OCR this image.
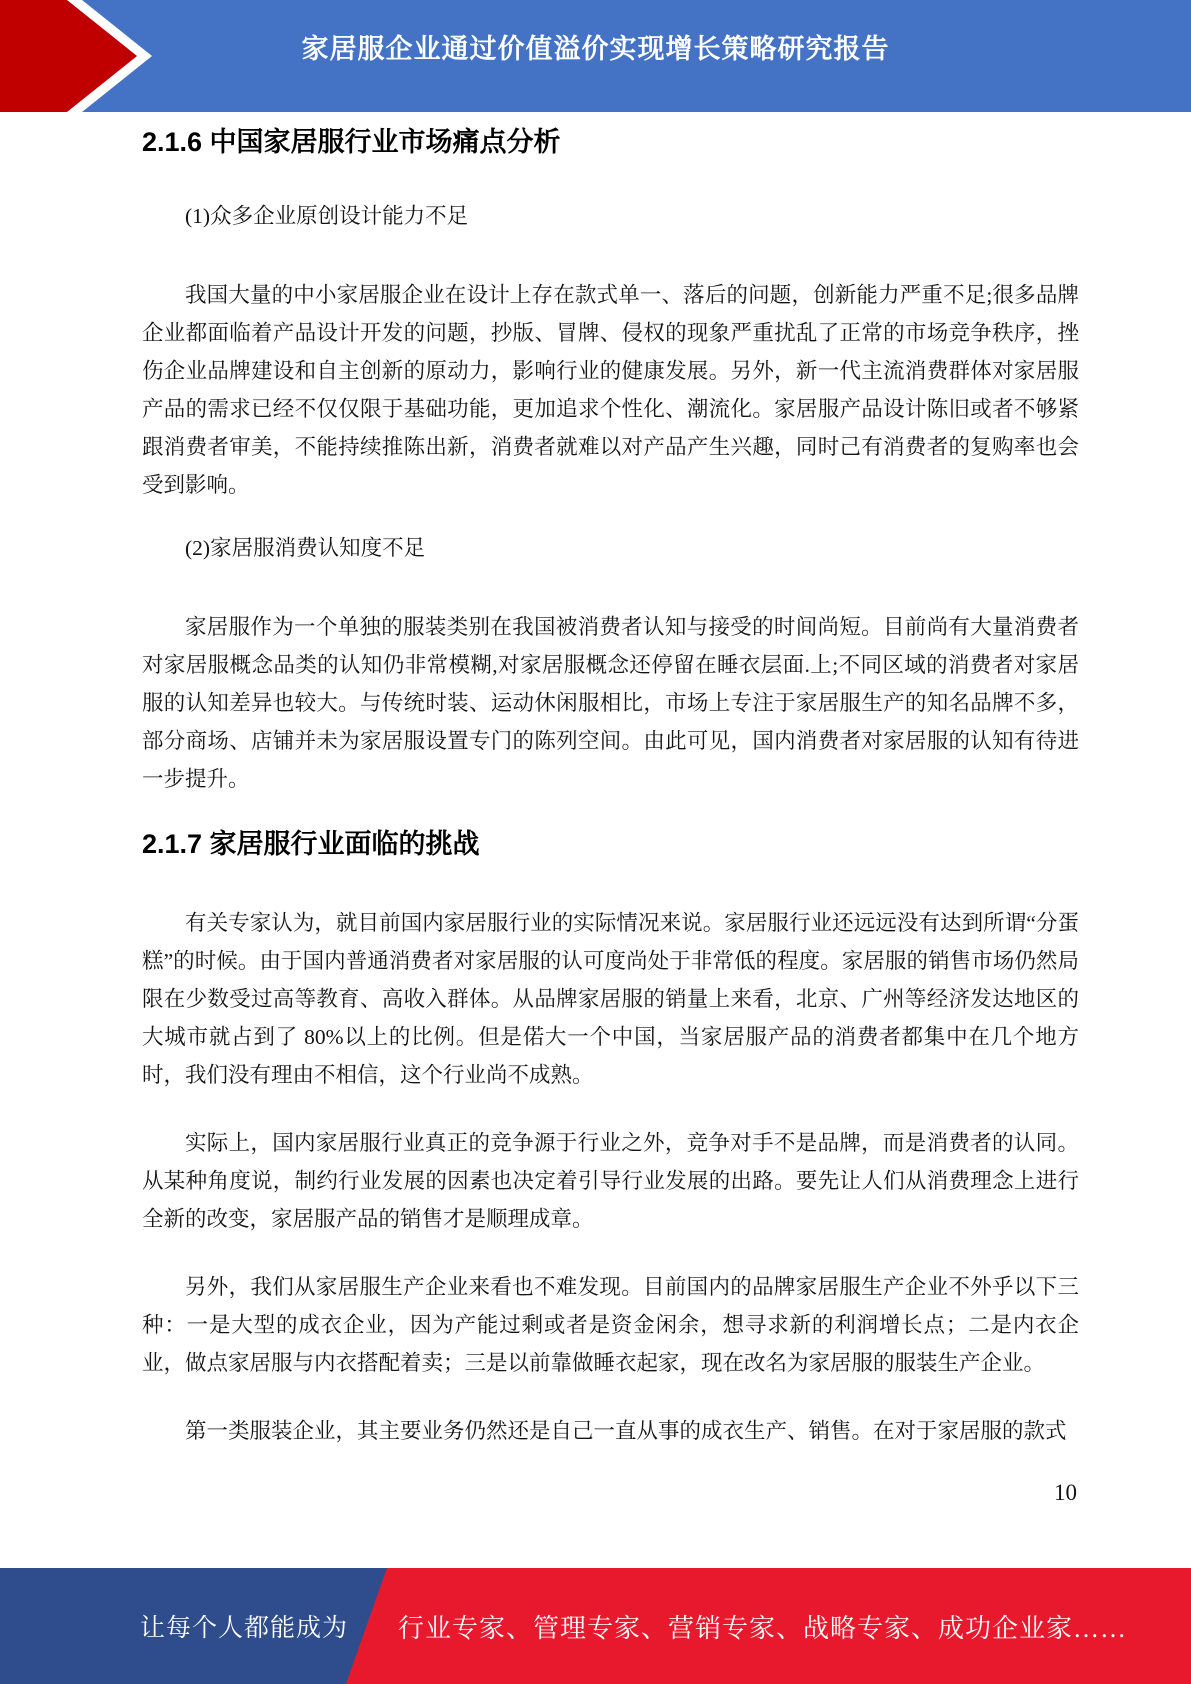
家居服企业通过价值溢价实现增长策略研究报告
2.1.6 中国家居服行业市场痛点分析

(1)众多企业原创设计能力不足

我国大量的中小家居服企业在设计上存在款式单一、落后的问题，创新能力严重不足;很多品牌企业都面临着产品设计开发的问题，抄版、冒牌、侵权的现象严重扰乱了正常的市场竞争秩序，挫伤企业品牌建设和自主创新的原动力，影响行业的健康发展。另外，新一代主流消费群体对家居服产品的需求已经不仅仅限于基础功能，更加追求个性化、潮流化。家居服产品设计陈旧或者不够紧跟消费者审美，不能持续推陈出新，消费者就难以对产品产生兴趣，同时己有消费者的复购率也会受到影响。

(2)家居服消费认知度不足

家居服作为一个单独的服装类别在我国被消费者认知与接受的时间尚短。目前尚有大量消费者对家居服概念品类的认知仍非常模糊,对家居服概念还停留在睡衣层面.上;不同区域的消费者对家居服的认知差异也较大。与传统时装、运动休闲服相比，市场上专注于家居服生产的知名品牌不多，部分商场、店铺并未为家居服设置专门的陈列空间。由此可见，国内消费者对家居服的认知有待进一步提升。

2.1.7 家居服行业面临的挑战

有关专家认为，就目前国内家居服行业的实际情况来说。家居服行业还远远没有达到所谓“分蛋糕”的时候。由于国内普通消费者对家居服的认可度尚处于非常低的程度。家居服的销售市场仍然局限在少数受过高等教育、高收入群体。从品牌家居服的销量上来看，北京、广州等经济发达地区的大城市就占到了 80%以上的比例。但是偌大一个中国，当家居服产品的消费者都集中在几个地方时，我们没有理由不相信，这个行业尚不成熟。

实际上，国内家居服行业真正的竞争源于行业之外，竞争对手不是品牌，而是消费者的认同。从某种角度说，制约行业发展的因素也决定着引导行业发展的出路。要先让人们从消费理念上进行全新的改变，家居服产品的销售才是顺理成章。

另外，我们从家居服生产企业来看也不难发现。目前国内的品牌家居服生产企业不外乎以下三种：一是大型的成衣企业，因为产能过剩或者是资金闲余，想寻求新的利润增长点；二是内衣企业，做点家居服与内衣搭配着卖；三是以前靠做睡衣起家，现在改名为家居服的服装生产企业。

第一类服装企业，其主要业务仍然还是自己一直从事的成衣生产、销售。在对于家居服的款式

10
让每个人都能成为 行业专家、管理专家、营销专家、战略专家、成功企业家……
